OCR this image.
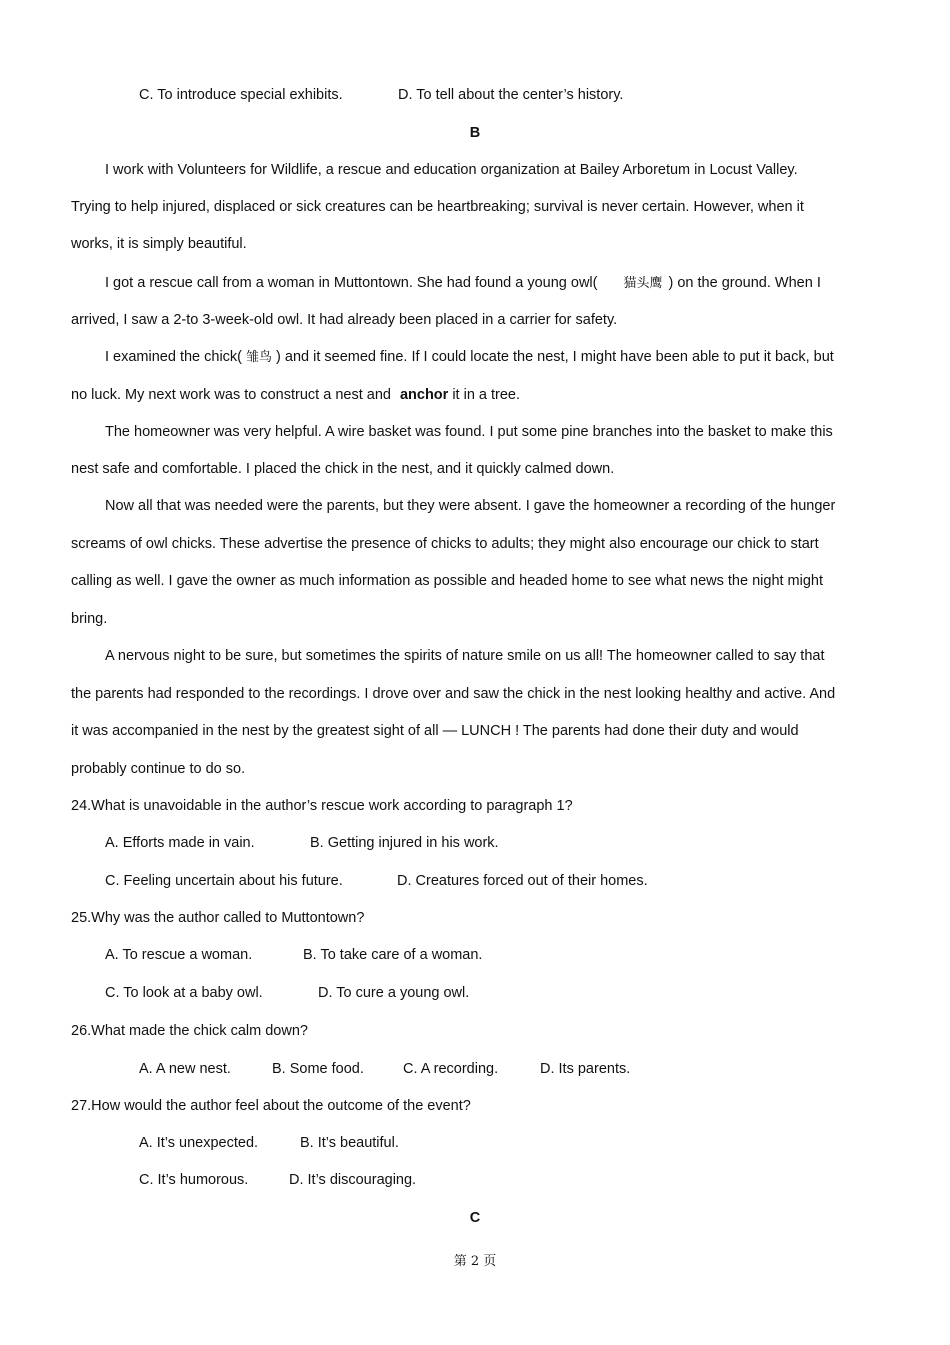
C. To introduce special exhibits.	D. To tell about the center’s history.
B
I work with Volunteers for Wildlife, a rescue and education organization at Bailey Arboretum in Locust Valley.
Trying to help injured, displaced or sick creatures can be heartbreaking; survival is never certain. However, when it
works, it is simply beautiful.
I got a rescue call from a woman in Muttontown. She had found a young owl( 猫头鹰 ) on the ground. When I
arrived, I saw a 2-to 3-week-old owl. It had already been placed in a carrier for safety.
I examined the chick( 雏鸟 ) and it seemed fine. If I could locate the nest, I might have been able to put it back, but
no luck. My next work was to construct a nest and anchor it in a tree.
The homeowner was very helpful. A wire basket was found. I put some pine branches into the basket to make this
nest safe and comfortable. I placed the chick in the nest, and it quickly calmed down.
Now all that was needed were the parents, but they were absent. I gave the homeowner a recording of the hunger
screams of owl chicks. These advertise the presence of chicks to adults; they might also encourage our chick to start
calling as well. I gave the owner as much information as possible and headed home to see what news the night might
bring.
A nervous night to be sure, but sometimes the spirits of nature smile on us all! The homeowner called to say that
the parents had responded to the recordings. I drove over and saw the chick in the nest looking healthy and active. And
it was accompanied in the nest by the greatest sight of all — LUNCH ! The parents had done their duty and would
probably continue to do so.
24.What is unavoidable in the author’s rescue work according to paragraph 1?
A. Efforts made in vain.	B. Getting injured in his work.
C. Feeling uncertain about his future.	D. Creatures forced out of their homes.
25.Why was the author called to Muttontown?
A. To rescue a woman.	B. To take care of a woman.
C. To look at a baby owl.	D. To cure a young owl.
26.What made the chick calm down?
A. A new nest.	B. Some food.	C. A recording.	D. Its parents.
27.How would the author feel about the outcome of the event?
A. It’s unexpected.	B. It’s beautiful.
C. It’s humorous.	D. It’s discouraging.
C
第 2 页
